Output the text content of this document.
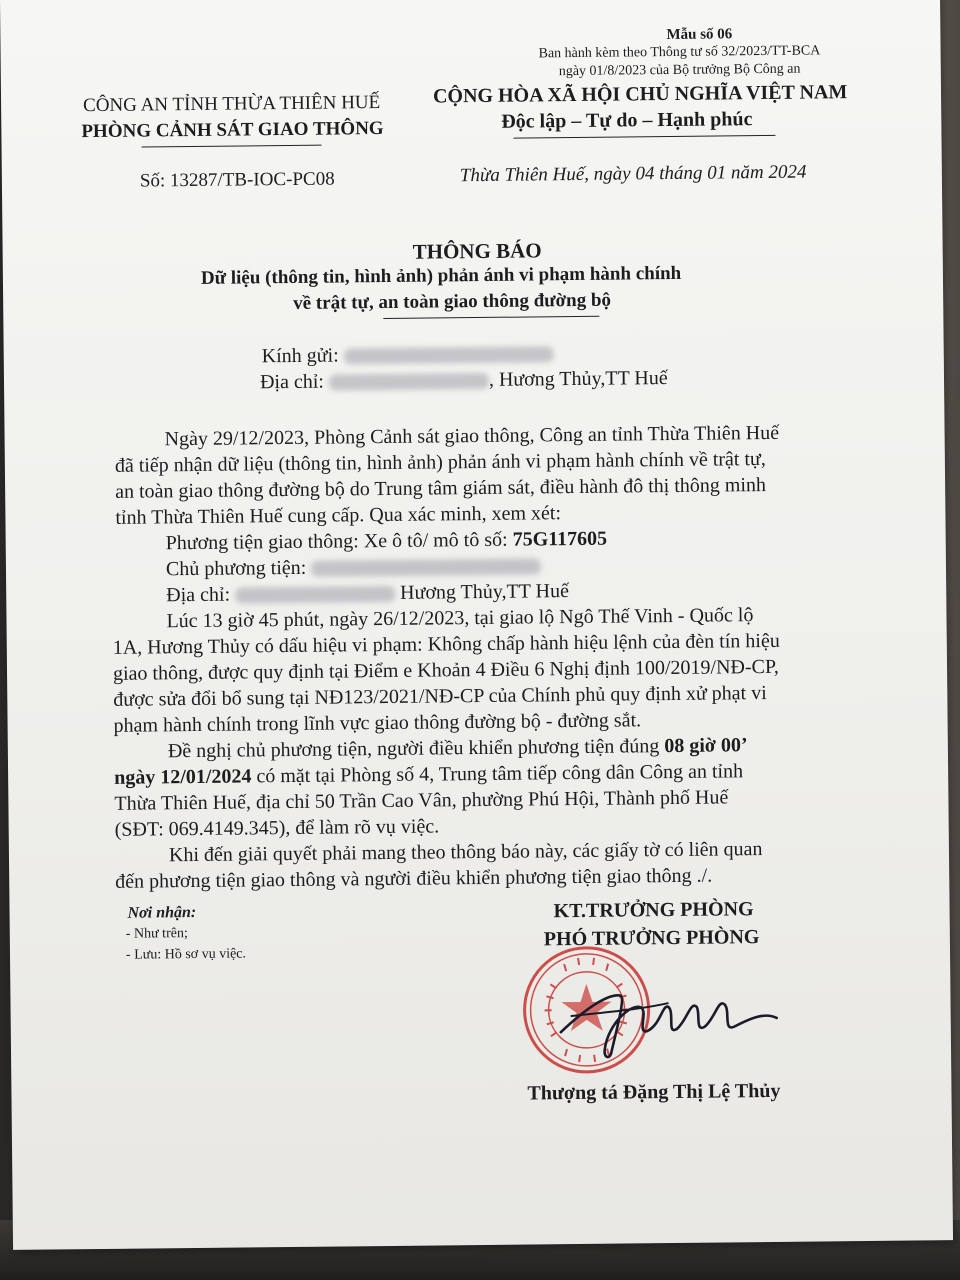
Mẫu số 06
Ban hành kèm theo Thông tư số 32/2023/TT-BCA
ngày 01/8/2023 của Bộ trưởng Bộ Công an
CÔNG AN TỈNH THỪA THIÊN HUẾ
PHÒNG CẢNH SÁT GIAO THÔNG
CỘNG HÒA XÃ HỘI CHỦ NGHĨA VIỆT NAM
Độc lập – Tự do – Hạnh phúc
Số: 13287/TB-IOC-PC08	Thừa Thiên Huế, ngày 04 tháng 01 năm 2024
THÔNG BÁO
Dữ liệu (thông tin, hình ảnh) phản ánh vi phạm hành chính
về trật tự, an toàn giao thông đường bộ
Kính gửi:
Địa chỉ:	, Hương Thủy,TT Huế
Ngày 29/12/2023, Phòng Cảnh sát giao thông, Công an tỉnh Thừa Thiên Huế
đã tiếp nhận dữ liệu (thông tin, hình ảnh) phản ánh vi phạm hành chính về trật tự,
an toàn giao thông đường bộ do Trung tâm giám sát, điều hành đô thị thông minh
tỉnh Thừa Thiên Huế cung cấp. Qua xác minh, xem xét:
Phương tiện giao thông: Xe ô tô/ mô tô số: 75G117605
Chủ phương tiện:
Địa chỉ:	Hương Thủy,TT Huế
Lúc 13 giờ 45 phút, ngày 26/12/2023, tại giao lộ Ngô Thế Vinh - Quốc lộ
1A, Hương Thủy có dấu hiệu vi phạm: Không chấp hành hiệu lệnh của đèn tín hiệu
giao thông, được quy định tại Điểm e Khoản 4 Điều 6 Nghị định 100/2019/NĐ-CP,
được sửa đổi bổ sung tại NĐ123/2021/NĐ-CP của Chính phủ quy định xử phạt vi
phạm hành chính trong lĩnh vực giao thông đường bộ - đường sắt.
Đề nghị chủ phương tiện, người điều khiển phương tiện đúng 08 giờ 00’
ngày 12/01/2024 có mặt tại Phòng số 4, Trung tâm tiếp công dân Công an tỉnh
Thừa Thiên Huế, địa chỉ 50 Trần Cao Vân, phường Phú Hội, Thành phố Huế
(SĐT: 069.4149.345), để làm rõ vụ việc.
Khi đến giải quyết phải mang theo thông báo này, các giấy tờ có liên quan
đến phương tiện giao thông và người điều khiển phương tiện giao thông ./.
Nơi nhận:
- Như trên;
- Lưu: Hồ sơ vụ việc.
KT.TRƯỞNG PHÒNG
PHÓ TRƯỞNG PHÒNG
Thượng tá Đặng Thị Lệ Thủy
